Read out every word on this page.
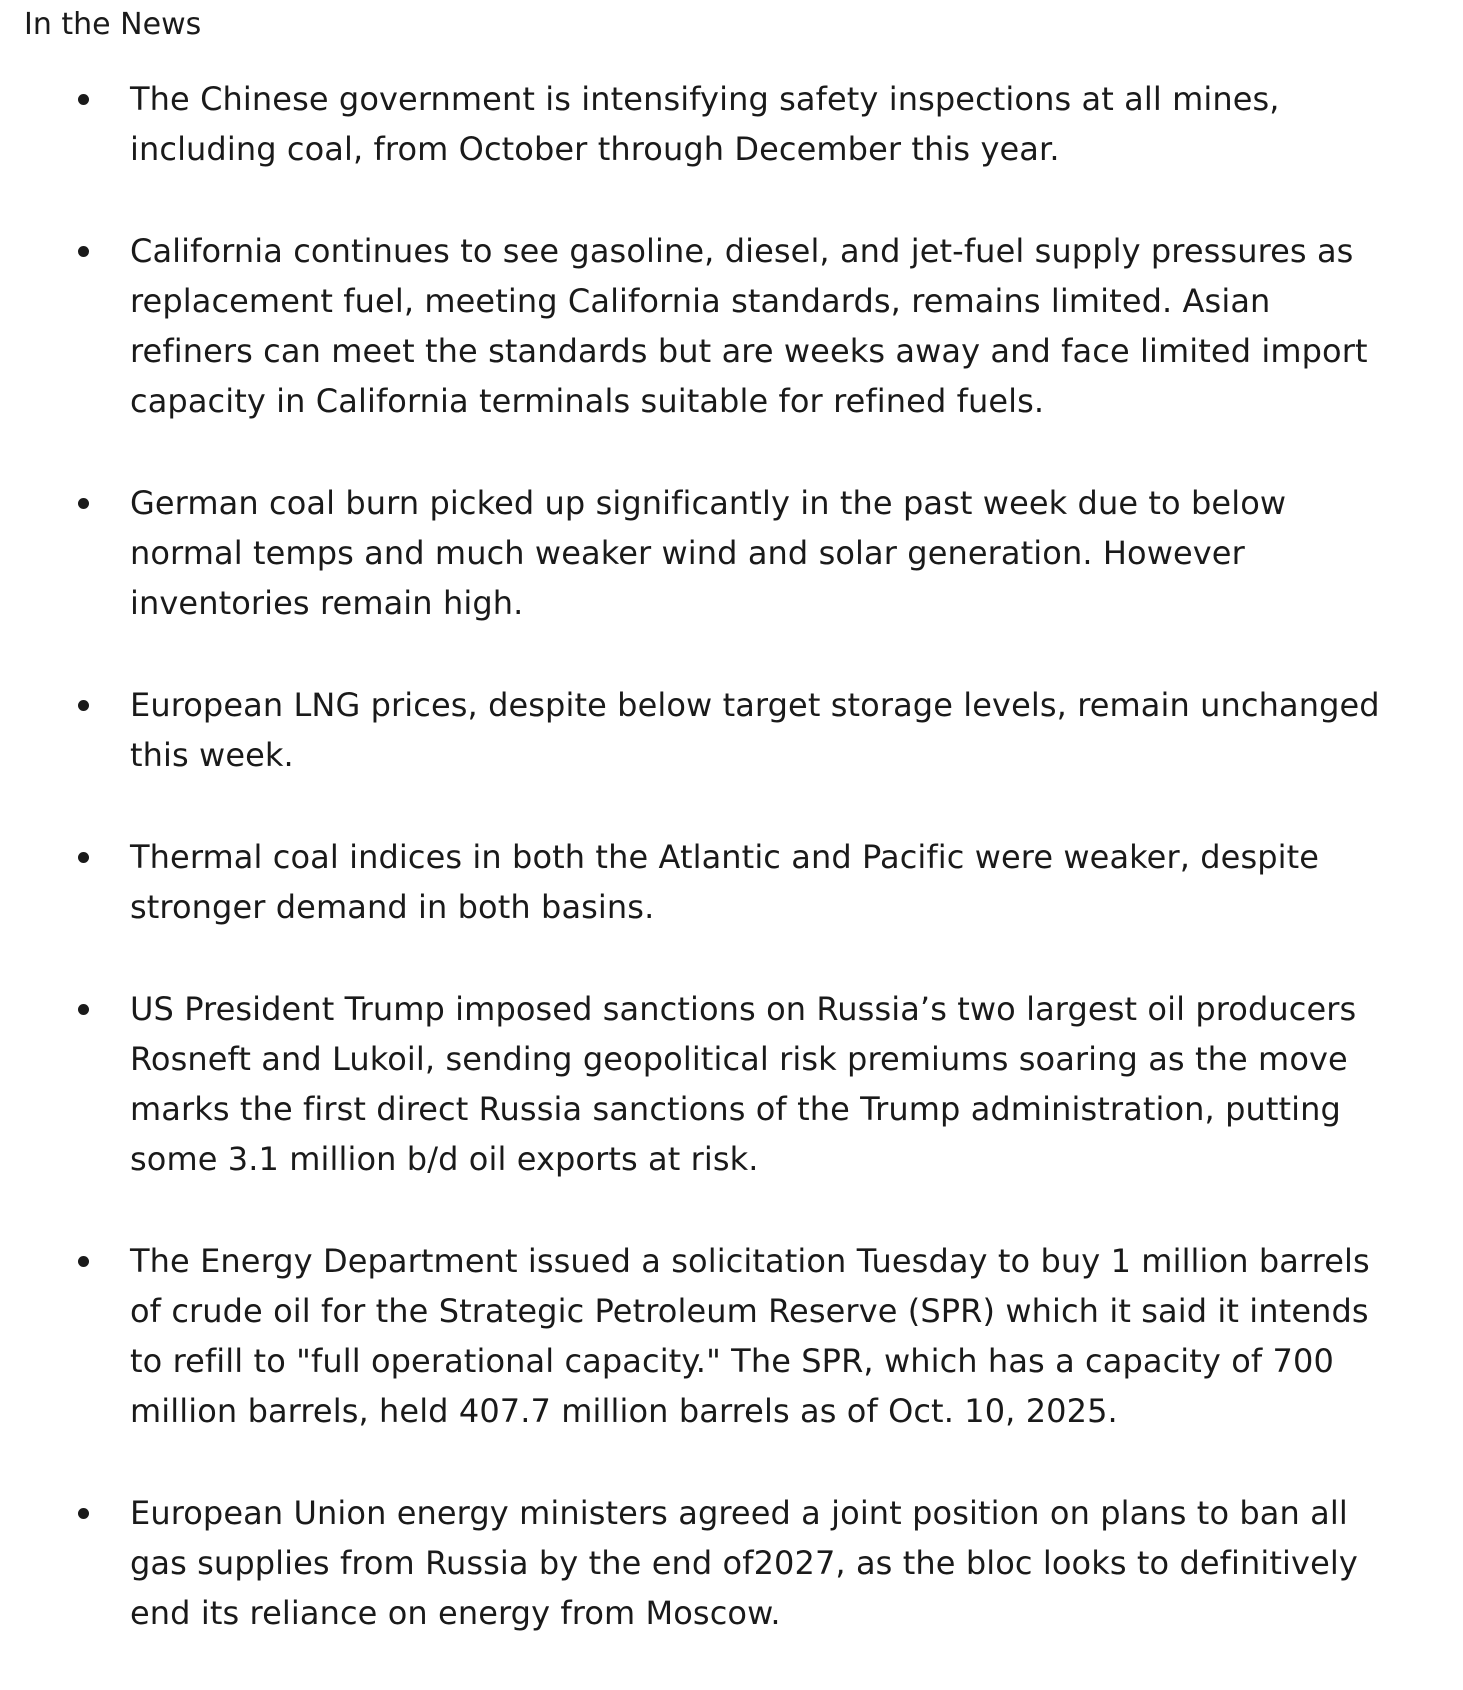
In the News
The Chinese government is intensifying safety inspections at all mines, including coal, from October through December this year.
California continues to see gasoline, diesel, and jet-fuel supply pressures as replacement fuel, meeting California standards, remains limited. Asian refiners can meet the standards but are weeks away and face limited import capacity in California terminals suitable for refined fuels.
German coal burn picked up significantly in the past week due to below normal temps and much weaker wind and solar generation. However inventories remain high.
European LNG prices, despite below target storage levels, remain unchanged this week.
Thermal coal indices in both the Atlantic and Pacific were weaker, despite stronger demand in both basins.
US President Trump imposed sanctions on Russia’s two largest oil producers Rosneft and Lukoil, sending geopolitical risk premiums soaring as the move marks the first direct Russia sanctions of the Trump administration, putting some 3.1 million b/d oil exports at risk.
The Energy Department issued a solicitation Tuesday to buy 1 million barrels of crude oil for the Strategic Petroleum Reserve (SPR) which it said it intends to refill to "full operational capacity." The SPR, which has a capacity of 700 million barrels, held 407.7 million barrels as of Oct. 10, 2025.
European Union energy ministers agreed a joint position on plans to ban all gas supplies from Russia by the end of2027, as the bloc looks to definitively end its reliance on energy from Moscow.
